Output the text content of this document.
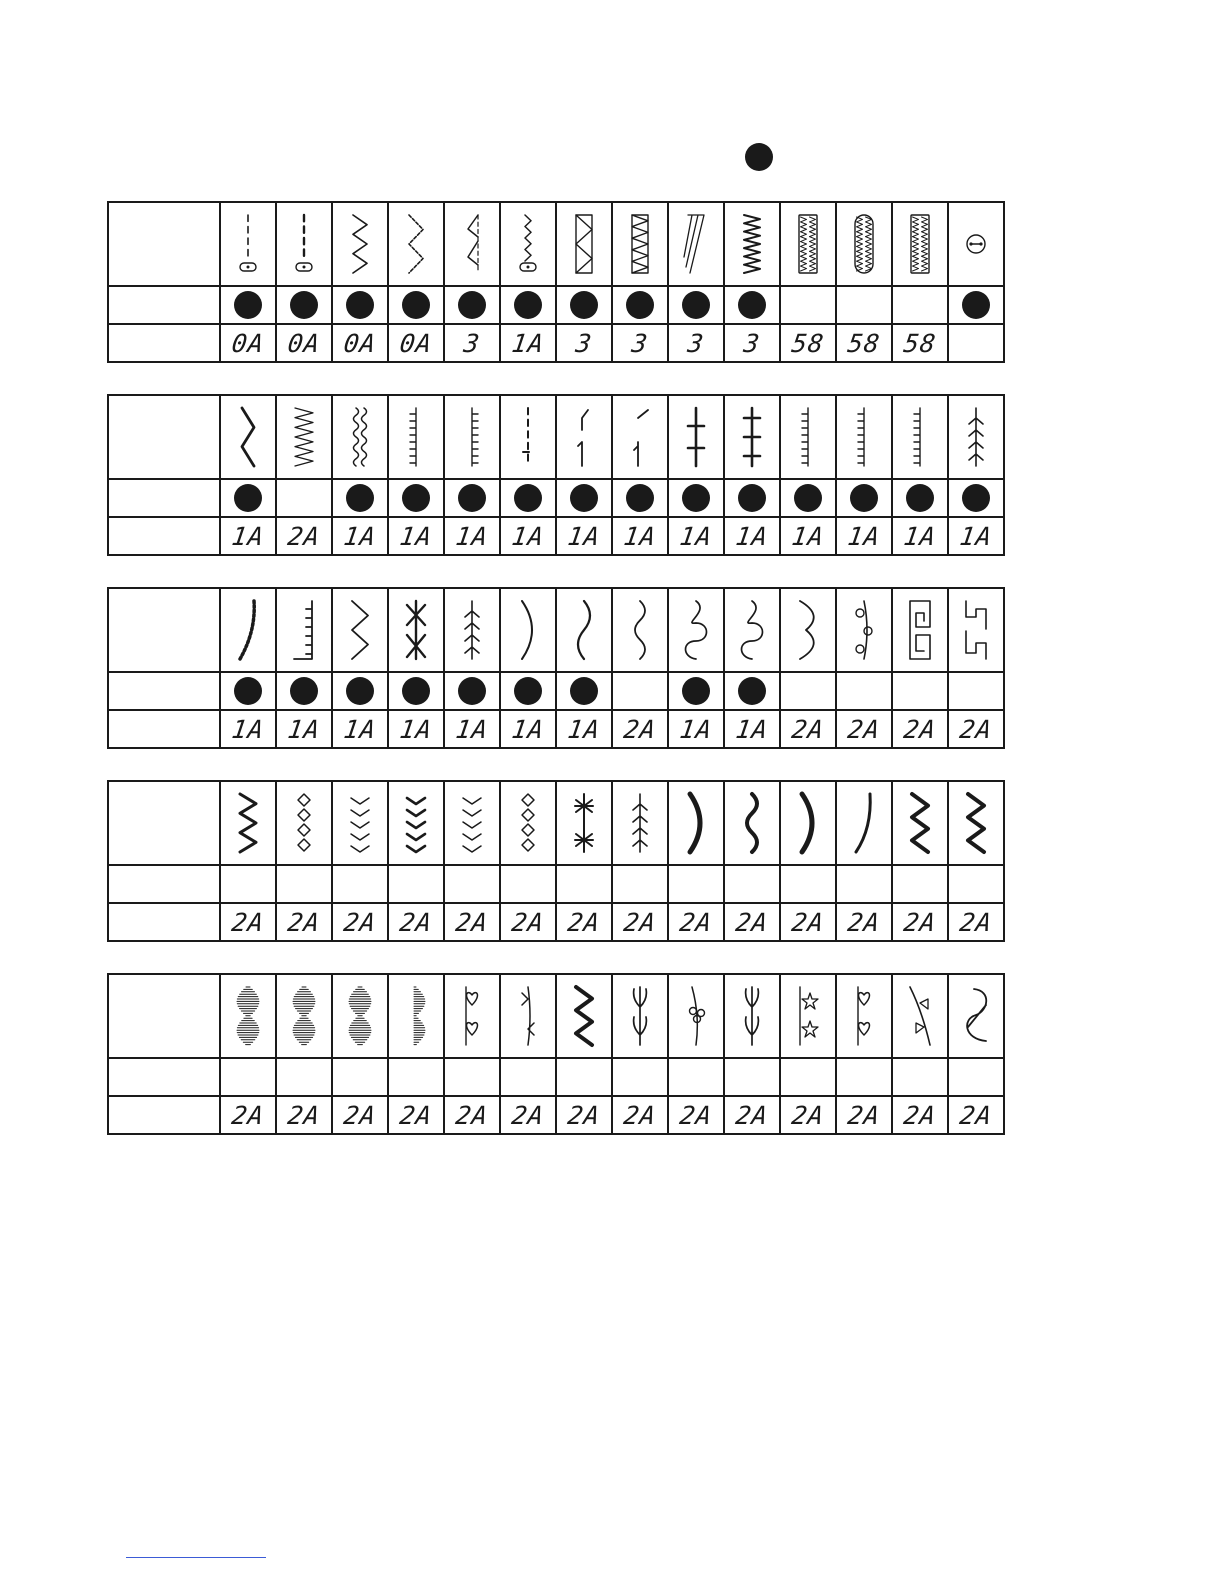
	0A	0A	0A	0A	3	1A	3	3	3	3	58	58	58	

	1A	2A	1A	1A	1A	1A	1A	1A	1A	1A	1A	1A	1A	1A

	1A	1A	1A	1A	1A	1A	1A	2A	1A	1A	2A	2A	2A	2A

	2A	2A	2A	2A	2A	2A	2A	2A	2A	2A	2A	2A	2A	2A

	2A	2A	2A	2A	2A	2A	2A	2A	2A	2A	2A	2A	2A	2A
